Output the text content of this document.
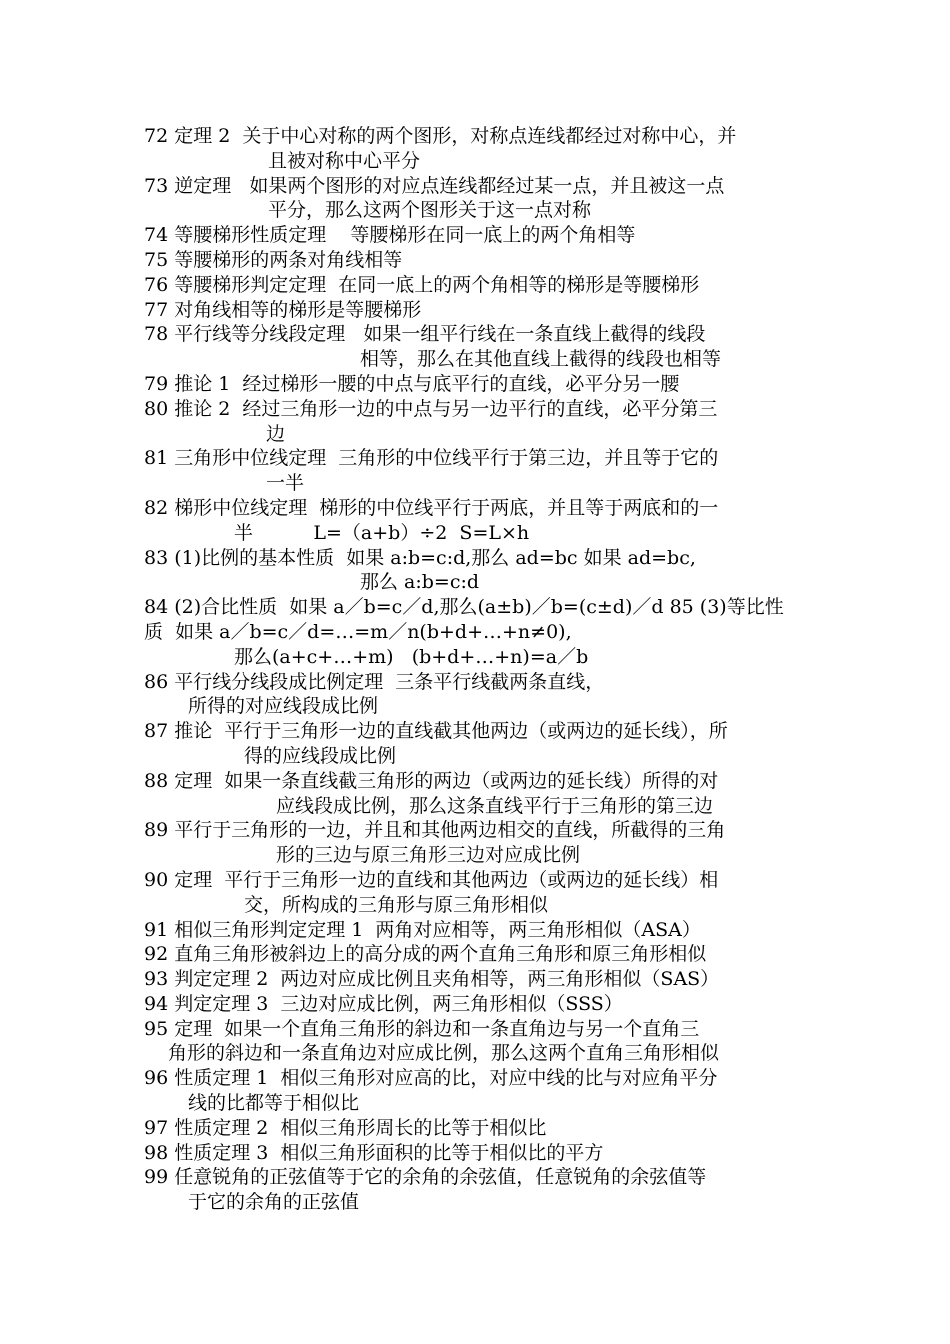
72 定理 2  关于中心对称的两个图形，对称点连线都经过对称中心，并
且被对称中心平分
73 逆定理   如果两个图形的对应点连线都经过某一点，并且被这一点
平分，那么这两个图形关于这一点对称
74 等腰梯形性质定理    等腰梯形在同一底上的两个角相等
75 等腰梯形的两条对角线相等
76 等腰梯形判定定理  在同一底上的两个角相等的梯形是等腰梯形
77 对角线相等的梯形是等腰梯形
78 平行线等分线段定理   如果一组平行线在一条直线上截得的线段
相等，那么在其他直线上截得的线段也相等
79 推论 1  经过梯形一腰的中点与底平行的直线，必平分另一腰
80 推论 2  经过三角形一边的中点与另一边平行的直线，必平分第三
边
81 三角形中位线定理  三角形的中位线平行于第三边，并且等于它的
一半
82 梯形中位线定理  梯形的中位线平行于两底，并且等于两底和的一
半          L=（a+b）÷2  S=L×h
83 (1)比例的基本性质  如果 a:b=c:d,那么 ad=bc 如果 ad=bc,
那么 a:b=c:d
84 (2)合比性质  如果 a／b=c／d,那么(a±b)／b=(c±d)／d 85 (3)等比性
质  如果 a／b=c／d=…=m／n(b+d+…+n≠0),
那么(a+c+…+m)   (b+d+…+n)=a／b
86 平行线分线段成比例定理  三条平行线截两条直线，
所得的对应线段成比例
87 推论  平行于三角形一边的直线截其他两边（或两边的延长线），所
得的应线段成比例
88 定理  如果一条直线截三角形的两边（或两边的延长线）所得的对
应线段成比例，那么这条直线平行于三角形的第三边
89 平行于三角形的一边，并且和其他两边相交的直线，所截得的三角
形的三边与原三角形三边对应成比例
90 定理  平行于三角形一边的直线和其他两边（或两边的延长线）相
交，所构成的三角形与原三角形相似
91 相似三角形判定定理 1  两角对应相等，两三角形相似（ASA）
92 直角三角形被斜边上的高分成的两个直角三角形和原三角形相似
93 判定定理 2  两边对应成比例且夹角相等，两三角形相似（SAS）
94 判定定理 3  三边对应成比例，两三角形相似（SSS）
95 定理  如果一个直角三角形的斜边和一条直角边与另一个直角三
角形的斜边和一条直角边对应成比例，那么这两个直角三角形相似
96 性质定理 1  相似三角形对应高的比，对应中线的比与对应角平分
线的比都等于相似比
97 性质定理 2  相似三角形周长的比等于相似比
98 性质定理 3  相似三角形面积的比等于相似比的平方
99 任意锐角的正弦值等于它的余角的余弦值，任意锐角的余弦值等
于它的余角的正弦值
